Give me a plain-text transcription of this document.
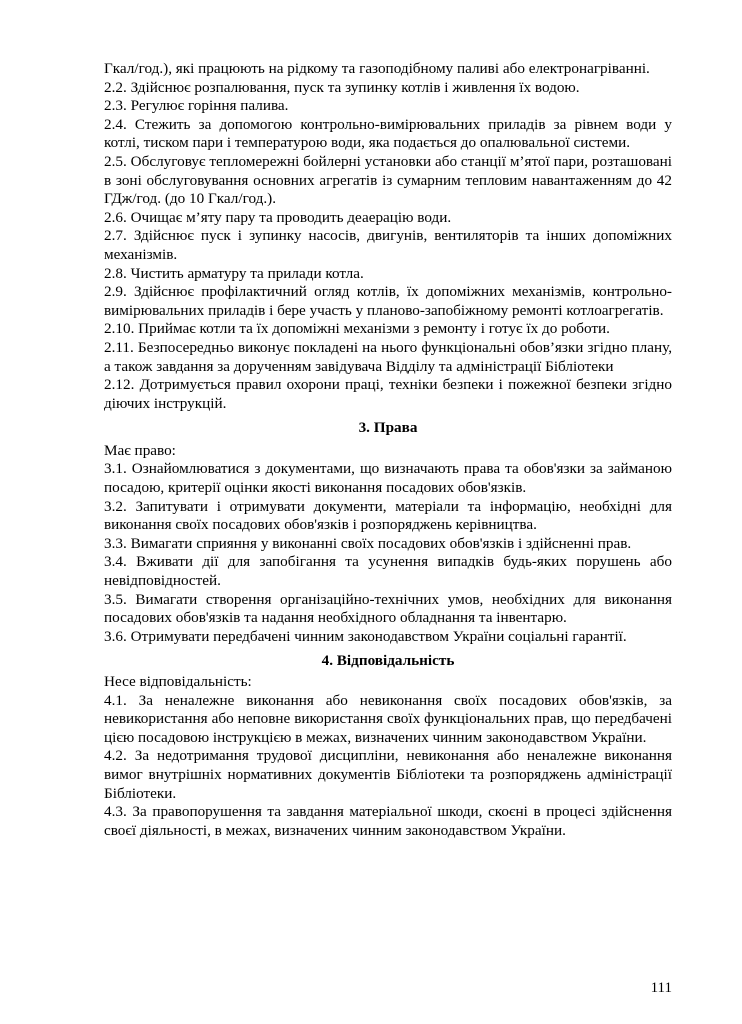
Гкал/год.), які працюють на рідкому та газоподібному паливі або електронагріванні.

2.2. Здійснює розпалювання, пуск та зупинку котлів і живлення їх водою.

2.3. Регулює горіння палива.

2.4. Стежить за допомогою контрольно-вимірювальних приладів за рівнем води у котлі, тиском пари і температурою води, яка подається до опалювальної системи.

2.5. Обслуговує тепломережні бойлерні установки або станції м’ятої пари, розташовані в зоні обслуговування основних агрегатів із сумарним тепловим навантаженням до 42 ГДж/год. (до 10 Гкал/год.).

2.6. Очищає м’яту пару та проводить деаерацію води.

2.7. Здійснює пуск і зупинку насосів, двигунів, вентиляторів та інших допоміжних механізмів.

2.8. Чистить арматуру та прилади котла.

2.9. Здійснює профілактичний огляд котлів, їх допоміжних механізмів, контрольно-вимірювальних приладів і бере участь у планово-запобіжному ремонті котлоагрегатів.

2.10. Приймає котли та їх допоміжні механізми з ремонту і готує їх до роботи.

2.11. Безпосередньо виконує покладені на нього функціональні обов’язки згідно плану, а також завдання за дорученням завідувача Відділу та адміністрації Бібліотеки

2.12. Дотримується правил охорони праці, техніки безпеки і пожежної безпеки згідно діючих інструкцій.

3. Права

Має право:

3.1. Ознайомлюватися з документами, що визначають права та обов'язки за займаною посадою, критерії оцінки якості виконання посадових обов'язків.

3.2. Запитувати і отримувати документи, матеріали та інформацію, необхідні для виконання своїх посадових обов'язків і розпоряджень керівництва.

3.3. Вимагати сприяння у виконанні своїх посадових обов'язків і здійсненні прав.

3.4. Вживати дії для запобігання та усунення випадків будь-яких порушень або невідповідностей.

3.5. Вимагати створення організаційно-технічних умов, необхідних для виконання посадових обов'язків та надання необхідного обладнання та інвентарю.

3.6. Отримувати передбачені чинним законодавством України соціальні гарантії.

4. Відповідальність

Несе відповідальність:

4.1. За неналежне виконання або невиконання своїх посадових обов'язків, за невикористання або неповне використання своїх функціональних прав, що передбачені цією посадовою інструкцією в межах, визначених чинним законодавством України.

4.2. За недотримання трудової дисципліни, невиконання або неналежне виконання вимог внутрішніх нормативних документів Бібліотеки та розпоряджень адміністрації Бібліотеки.

4.3. За правопорушення та завдання матеріальної шкоди, скоєні в процесі здійснення своєї діяльності, в межах, визначених чинним законодавством України.

111
